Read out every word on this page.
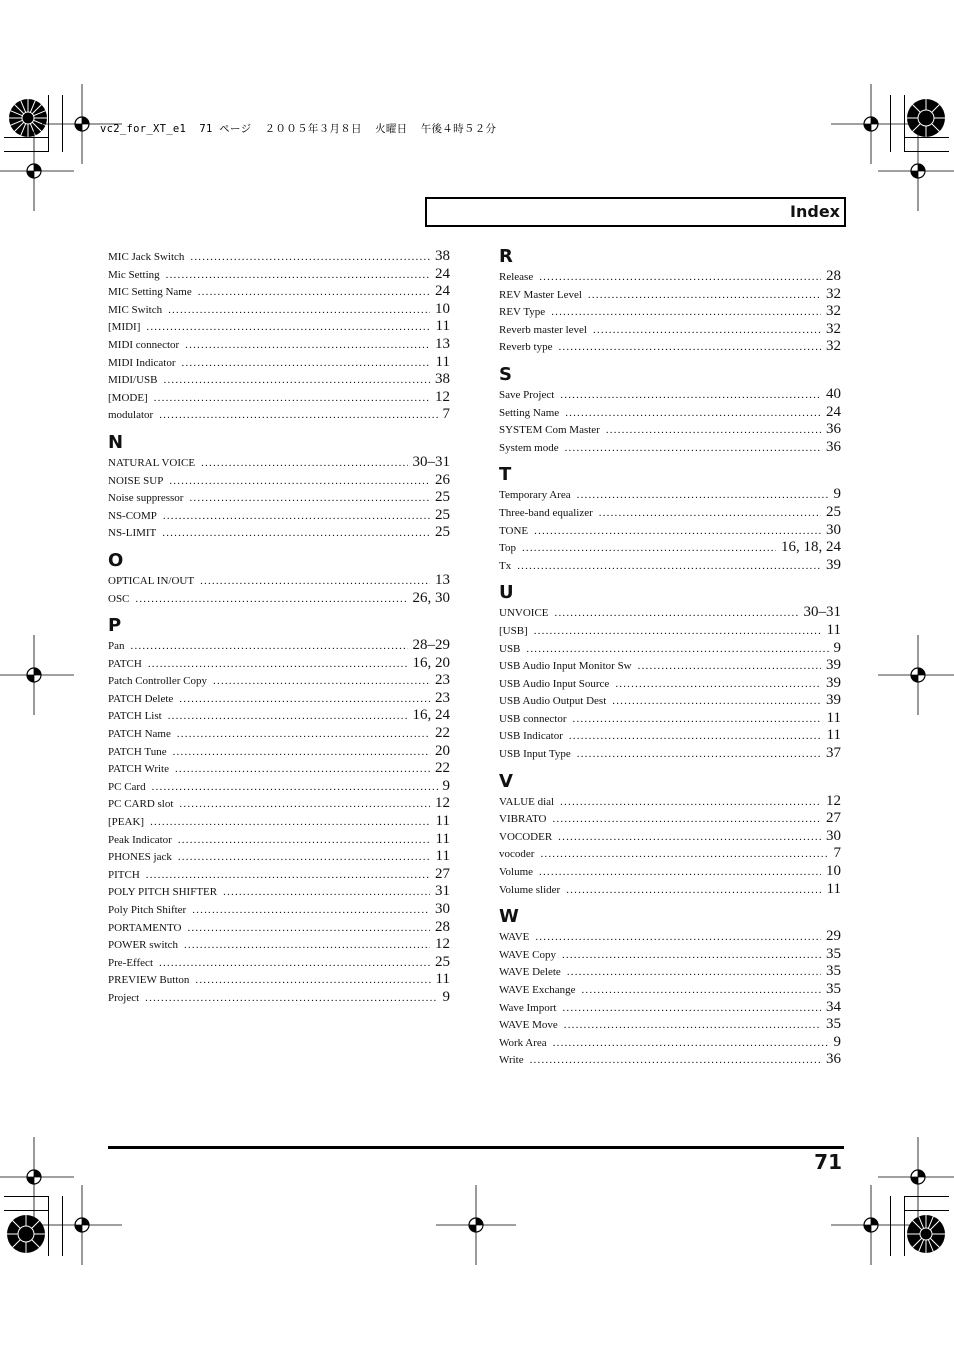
vc2_for_XT_e1  71 ページ  ２００５年３月８日  火曜日  午後４時５２分
Index
MIC Jack Switch .....	38
Mic Setting .....	24
MIC Setting Name .....	24
MIC Switch .....	10
[MIDI] .....	11
MIDI connector .....	13
MIDI Indicator .....	11
MIDI/USB .....	38
[MODE] .....	12
modulator .....	7
N
NATURAL VOICE .....	30–31
NOISE SUP .....	26
Noise suppressor .....	25
NS-COMP .....	25
NS-LIMIT .....	25
O
OPTICAL IN/OUT .....	13
OSC .....	26, 30
P
Pan .....	28–29
PATCH .....	16, 20
Patch Controller Copy .....	23
PATCH Delete .....	23
PATCH List .....	16, 24
PATCH Name .....	22
PATCH Tune .....	20
PATCH Write .....	22
PC Card .....	9
PC CARD slot .....	12
[PEAK] .....	11
Peak Indicator .....	11
PHONES jack .....	11
PITCH .....	27
POLY PITCH SHIFTER .....	31
Poly Pitch Shifter .....	30
PORTAMENTO .....	28
POWER switch .....	12
Pre-Effect .....	25
PREVIEW Button .....	11
Project .....	9
R
Release .....	28
REV Master Level .....	32
REV Type .....	32
Reverb master level .....	32
Reverb type .....	32
S
Save Project .....	40
Setting Name .....	24
SYSTEM Com Master .....	36
System mode .....	36
T
Temporary Area .....	9
Three-band equalizer .....	25
TONE .....	30
Top .....	16, 18, 24
Tx .....	39
U
UNVOICE .....	30–31
[USB] .....	11
USB .....	9
USB Audio Input Monitor Sw .....	39
USB Audio Input Source .....	39
USB Audio Output Dest .....	39
USB connector .....	11
USB Indicator .....	11
USB Input Type .....	37
V
VALUE dial .....	12
VIBRATO .....	27
VOCODER .....	30
vocoder .....	7
Volume .....	10
Volume slider .....	11
W
WAVE .....	29
WAVE Copy .....	35
WAVE Delete .....	35
WAVE Exchange .....	35
Wave Import .....	34
WAVE Move .....	35
Work Area .....	9
Write .....	36
71
